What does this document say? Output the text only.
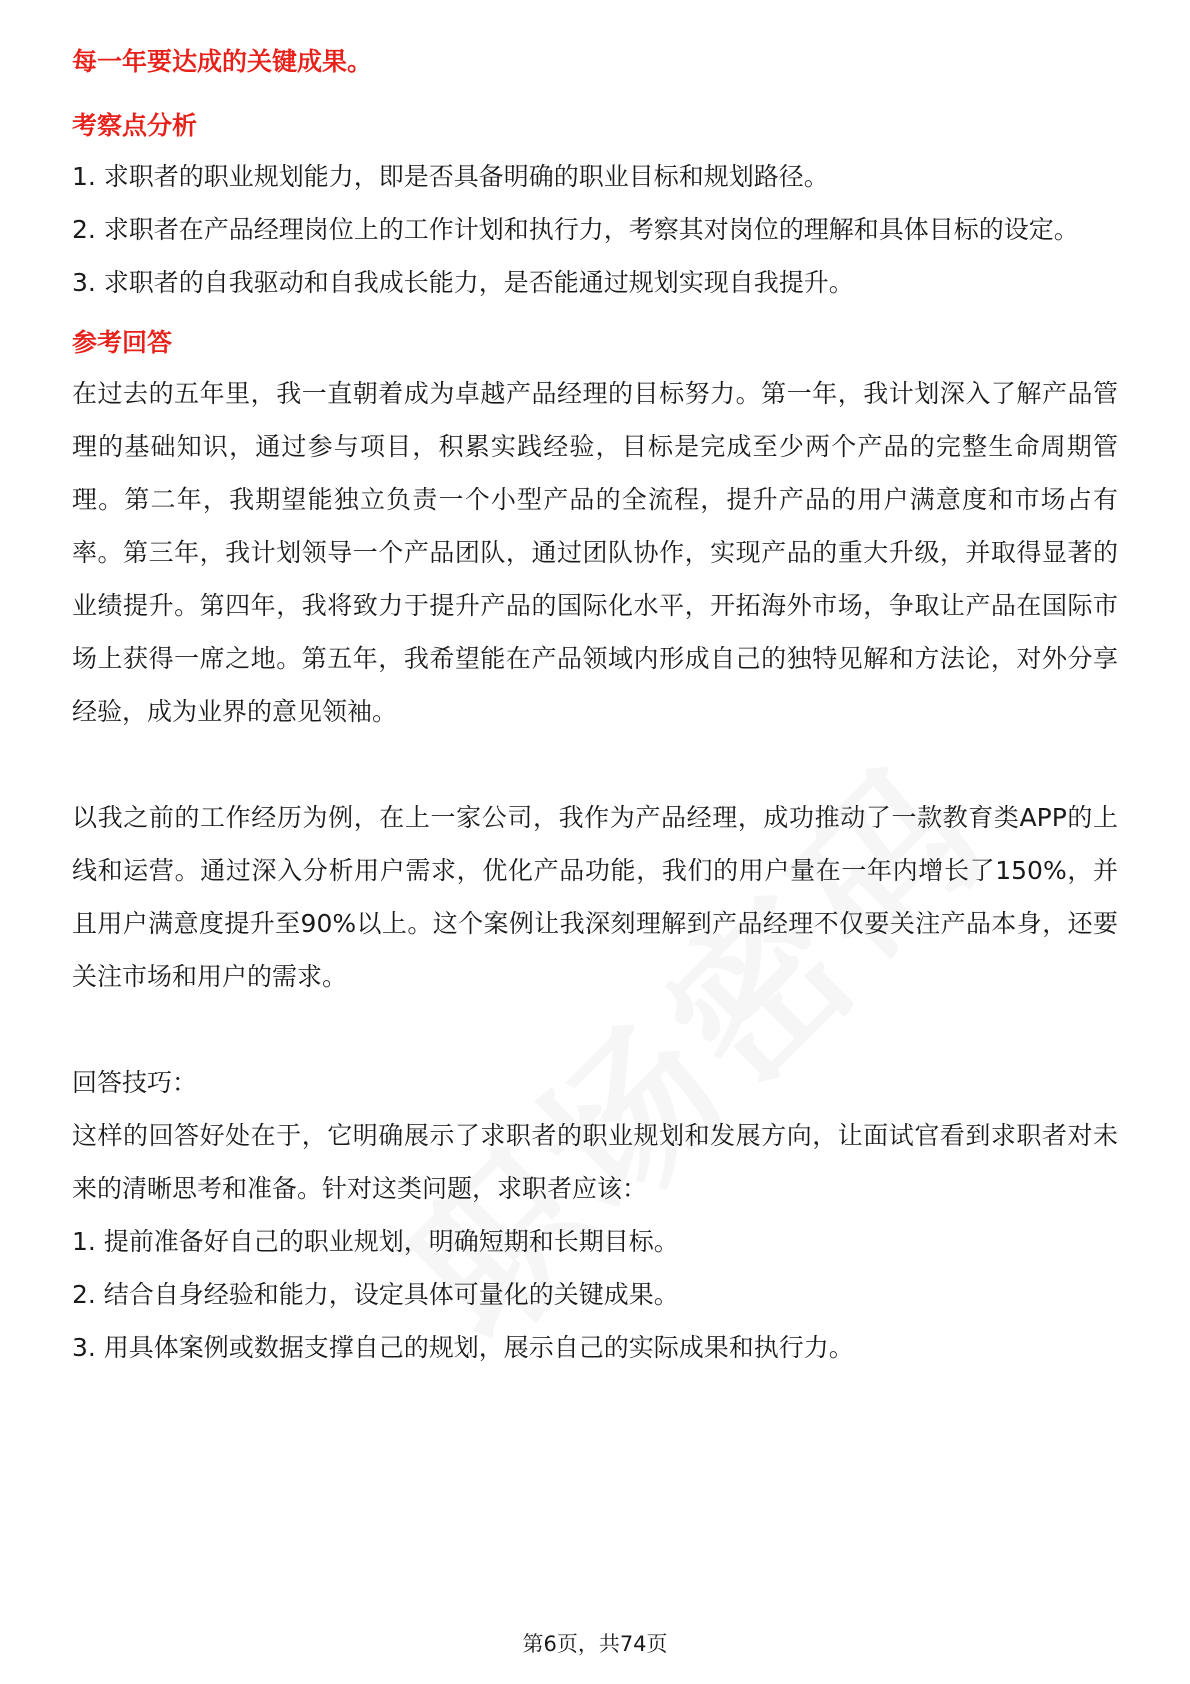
每一年要达成的关键成果。

考察点分析

1. 求职者的职业规划能力，即是否具备明确的职业目标和规划路径。

2. 求职者在产品经理岗位上的工作计划和执行力，考察其对岗位的理解和具体目标的设定。

3. 求职者的自我驱动和自我成长能力，是否能通过规划实现自我提升。

参考回答

在过去的五年里，我一直朝着成为卓越产品经理的目标努力。第一年，我计划深入了解产品管理的基础知识，通过参与项目，积累实践经验，目标是完成至少两个产品的完整生命周期管理。第二年，我期望能独立负责一个小型产品的全流程，提升产品的用户满意度和市场占有率。第三年，我计划领导一个产品团队，通过团队协作，实现产品的重大升级，并取得显著的业绩提升。第四年，我将致力于提升产品的国际化水平，开拓海外市场，争取让产品在国际市场上获得一席之地。第五年，我希望能在产品领域内形成自己的独特见解和方法论，对外分享经验，成为业界的意见领袖。

以我之前的工作经历为例，在上一家公司，我作为产品经理，成功推动了一款教育类APP的上线和运营。通过深入分析用户需求，优化产品功能，我们的用户量在一年内增长了150%，并且用户满意度提升至90%以上。这个案例让我深刻理解到产品经理不仅要关注产品本身，还要关注市场和用户的需求。

回答技巧：

这样的回答好处在于，它明确展示了求职者的职业规划和发展方向，让面试官看到求职者对未来的清晰思考和准备。针对这类问题，求职者应该：

1. 提前准备好自己的职业规划，明确短期和长期目标。

2. 结合自身经验和能力，设定具体可量化的关键成果。

3. 用具体案例或数据支撑自己的规划，展示自己的实际成果和执行力。

第6页，共74页
